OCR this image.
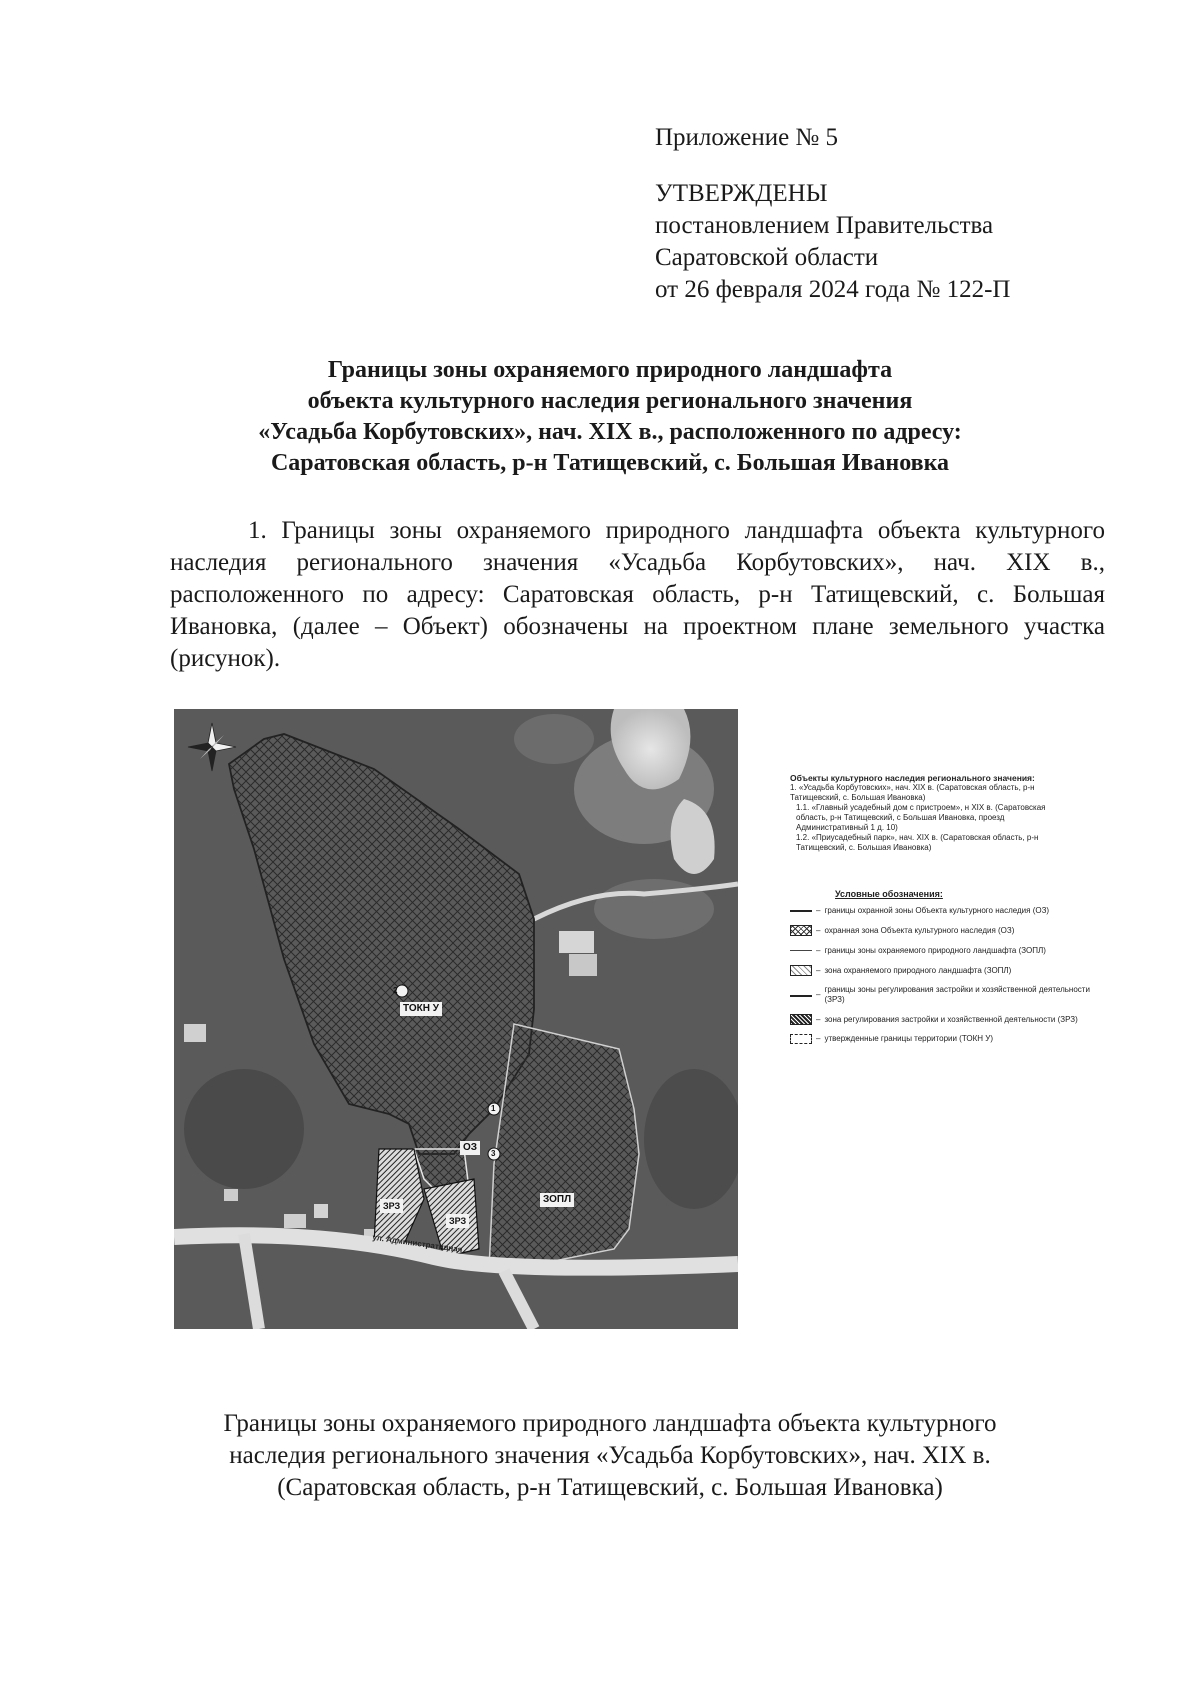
Приложение № 5
УТВЕРЖДЕНЫ
постановлением Правительства
Саратовской области
от 26 февраля 2024 года № 122-П
Границы зоны охраняемого природного ландшафта
объекта культурного наследия регионального значения
«Усадьба Корбутовских», нач. XIX в., расположенного по адресу:
Саратовская область, р-н Татищевский, с. Большая Ивановка
1. Границы зоны охраняемого природного ландшафта объекта культурного наследия регионального значения «Усадьба Корбутовских», нач. XIX в., расположенного по адресу: Саратовская область, р-н Татищевский, с. Большая Ивановка, (далее – Объект) обозначены на проектном плане земельного участка (рисунок).
2
1
3
ТОКН У
ОЗ
ЗОПЛ
ЗРЗ
ЗРЗ
ул. Административная
Объекты культурного наследия регионального значения:
1. «Усадьба Корбутовских», нач. XIX в. (Саратовская область, р-н Татищевский, с. Большая Ивановка)
1.1. «Главный усадебный дом с пристроем», н XIX в. (Саратовская область, р-н Татищевский, с Большая Ивановка, проезд Административный 1 д. 10)
1.2. «Приусадебный парк», нач. XIX в. (Саратовская область, р-н Татищевский, с. Большая Ивановка)
Условные обозначения:
– границы охранной зоны Объекта культурного наследия (ОЗ)
– охранная зона Объекта культурного наследия (ОЗ)
– границы зоны охраняемого природного ландшафта (ЗОПЛ)
– зона охраняемого природного ландшафта (ЗОПЛ)
–
границы зоны регулирования застройки и хозяйственной деятельности (ЗРЗ)
– зона регулирования застройки и хозяйственной деятельности (ЗРЗ)
– утвержденные границы территории (ТОКН У)
Границы зоны охраняемого природного ландшафта объекта культурного
наследия регионального значения «Усадьба Корбутовских», нач. XIX в.
(Саратовская область, р-н Татищевский, с. Большая Ивановка)
